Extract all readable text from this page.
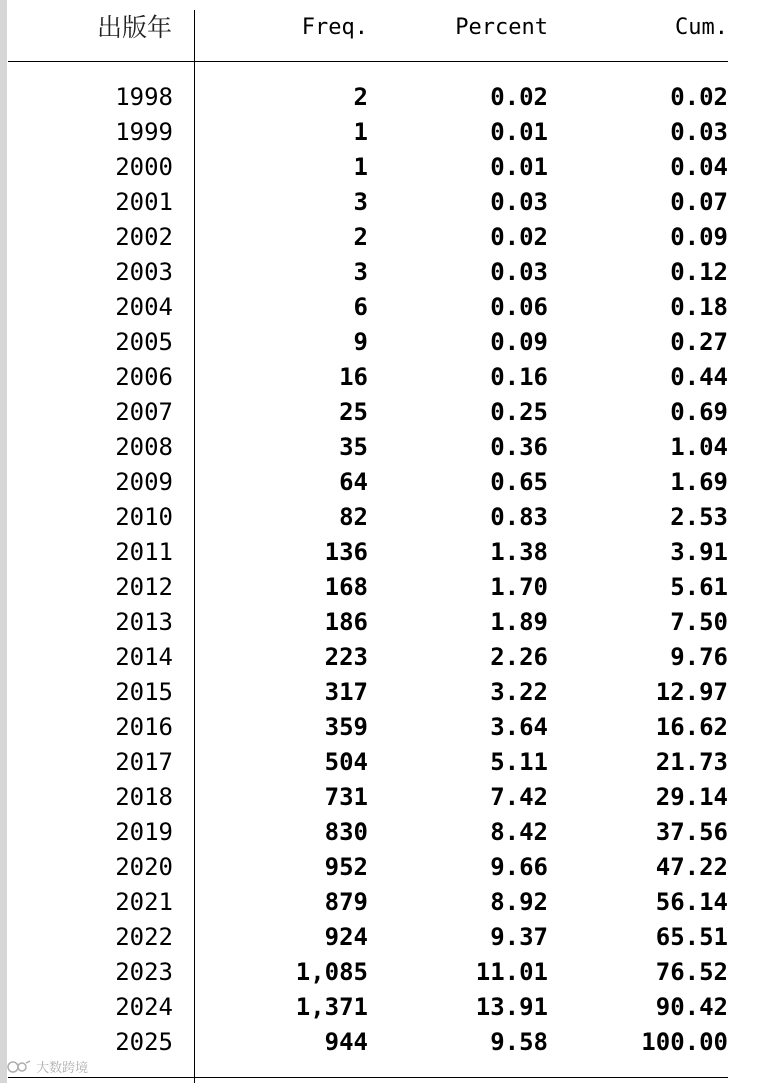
出版年	Freq.	Percent	Cum.
1998	2	0.02	0.02
1999	1	0.01	0.03
2000	1	0.01	0.04
2001	3	0.03	0.07
2002	2	0.02	0.09
2003	3	0.03	0.12
2004	6	0.06	0.18
2005	9	0.09	0.27
2006	16	0.16	0.44
2007	25	0.25	0.69
2008	35	0.36	1.04
2009	64	0.65	1.69
2010	82	0.83	2.53
2011	136	1.38	3.91
2012	168	1.70	5.61
2013	186	1.89	7.50
2014	223	2.26	9.76
2015	317	3.22	12.97
2016	359	3.64	16.62
2017	504	5.11	21.73
2018	731	7.42	29.14
2019	830	8.42	37.56
2020	952	9.66	47.22
2021	879	8.92	56.14
2022	924	9.37	65.51
2023	1,085	11.01	76.52
2024	1,371	13.91	90.42
2025	944	9.58	100.00
大数跨境
